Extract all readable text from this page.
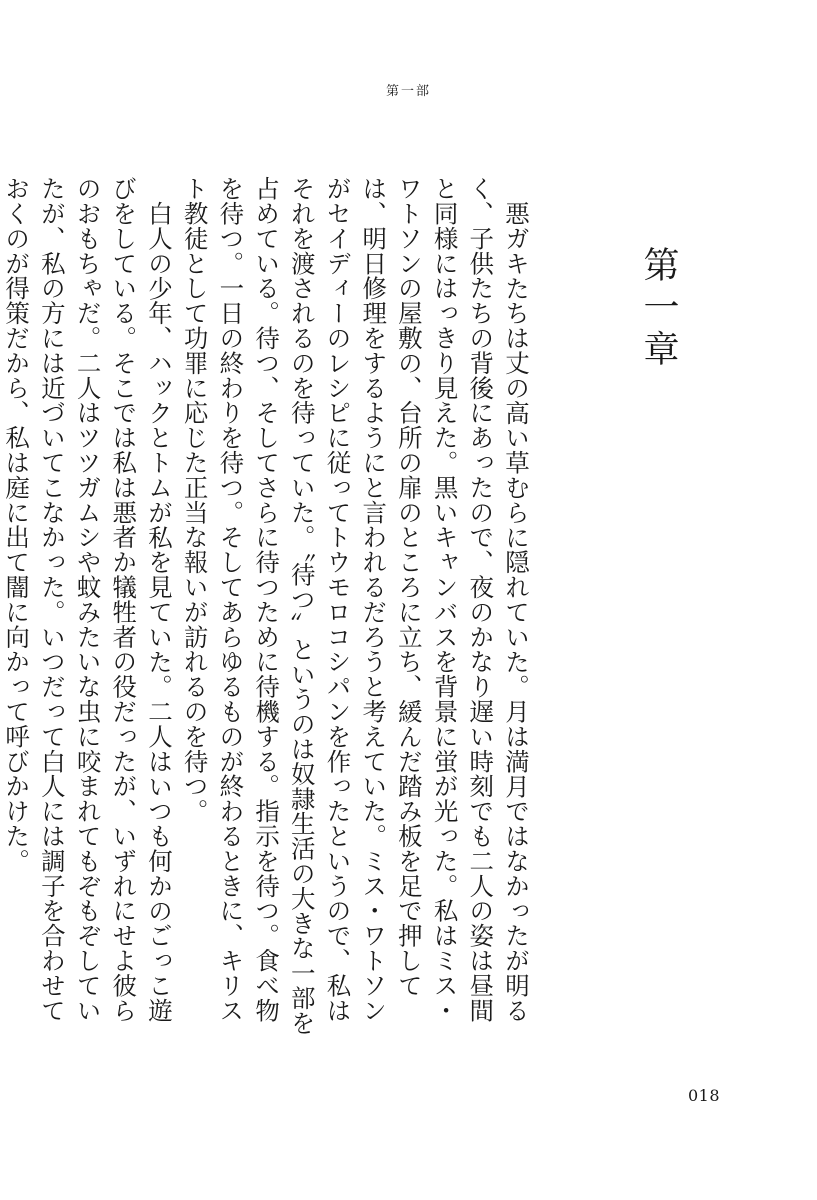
第一部
第一章

悪ガキたちは丈の高い草むらに隠れていた。月は満月ではなかったが明るく、子供たちの背後にあったので、夜のかなり遅い時刻でも二人の姿は昼間と同様にはっきり見えた。黒いキャンバスを背景に蛍が光った。私はミス・ワトソンの屋敷の、台所の扉のところに立ち、緩んだ踏み板を足で押しては、明日修理をするようにと言われるだろうと考えていた。ミス・ワトソンがセイディーのレシピに従ってトウモロコシパンを作ったというので、私はそれを渡されるのを待っていた。〝待つ〟というのは奴隷生活の大きな一部を占めている。待つ、そしてさらに待つために待機する。指示を待つ。食べ物を待つ。一日の終わりを待つ。そしてあらゆるものが終わるときに、キリスト教徒として功罪に応じた正当な報いが訪れるのを待つ。

白人の少年、ハックとトムが私を見ていた。二人はいつも何かのごっこ遊びをしている。そこでは私は悪者か犠牲者の役だったが、いずれにせよ彼らのおもちゃだ。二人はツツガムシや蚊みたいな虫に咬まれてもぞもぞしていたが、私の方には近づいてこなかった。いつだって白人には調子を合わせておくのが得策だから、私は庭に出て闇に向かって呼びかけた。

018
